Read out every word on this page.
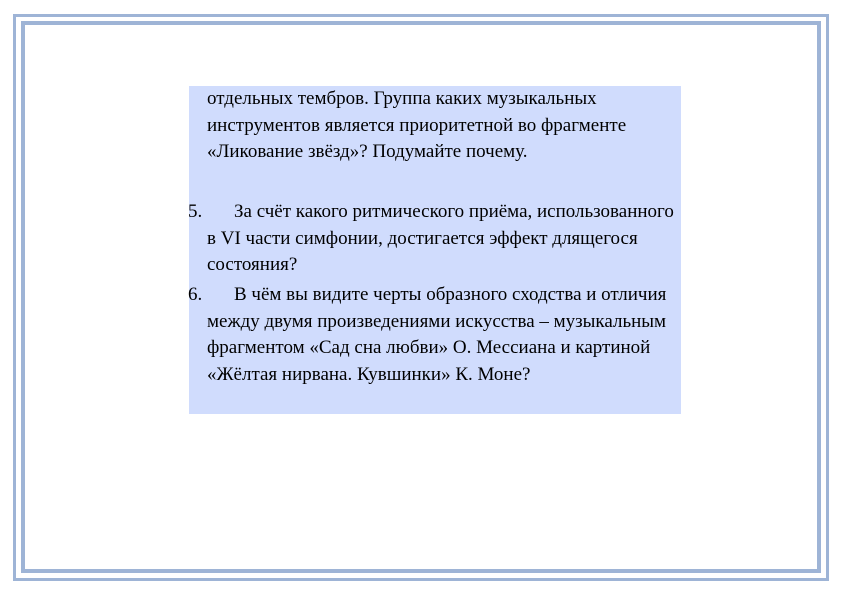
отдельных тембров. Группа каких музыкальных инструментов является приоритетной во фрагменте «Ликование звёзд»? Подумайте почему.
5.	За счёт какого ритмического приёма, использованного в VI части симфонии, достигается эффект длящегося состояния?
6.	В чём вы видите черты образного сходства и отличия между двумя произведениями искусства – музыкальным фрагментом «Сад сна любви» О. Мессиана и картиной «Жёлтая нирвана. Кувшинки» К. Моне?
